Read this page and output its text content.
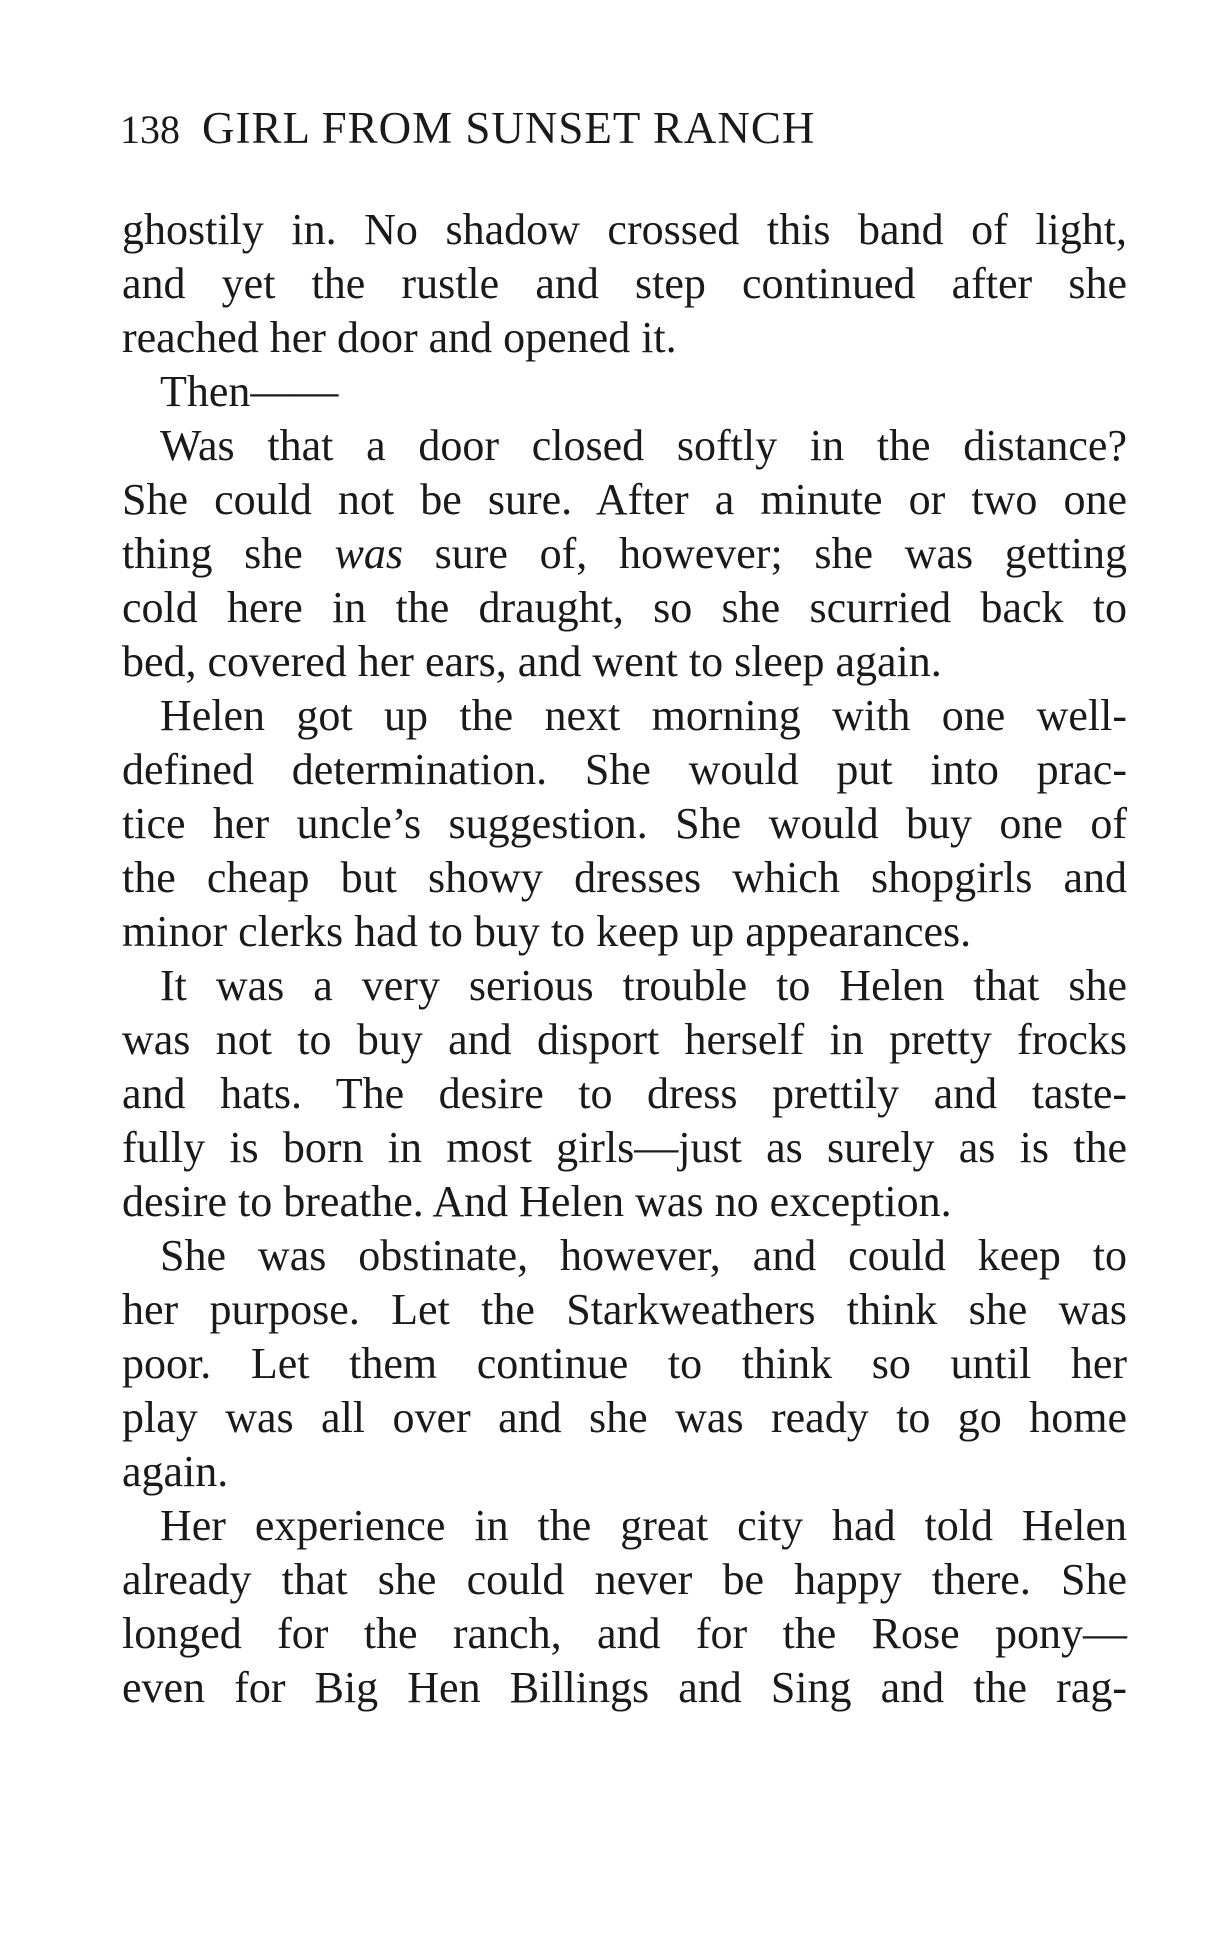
138 GIRL FROM SUNSET RANCH
ghostily in. No shadow crossed this band of light,
and yet the rustle and step continued after she
reached her door and opened it.
Then——
Was that a door closed softly in the distance?
She could not be sure. After a minute or two one
thing she was sure of, however; she was getting
cold here in the draught, so she scurried back to
bed, covered her ears, and went to sleep again.
Helen got up the next morning with one well-
defined determination. She would put into prac-
tice her uncle’s suggestion. She would buy one of
the cheap but showy dresses which shopgirls and
minor clerks had to buy to keep up appearances.
It was a very serious trouble to Helen that she
was not to buy and disport herself in pretty frocks
and hats. The desire to dress prettily and taste-
fully is born in most girls—just as surely as is the
desire to breathe. And Helen was no exception.
She was obstinate, however, and could keep to
her purpose. Let the Starkweathers think she was
poor. Let them continue to think so until her
play was all over and she was ready to go home
again.
Her experience in the great city had told Helen
already that she could never be happy there. She
longed for the ranch, and for the Rose pony—
even for Big Hen Billings and Sing and the rag-
